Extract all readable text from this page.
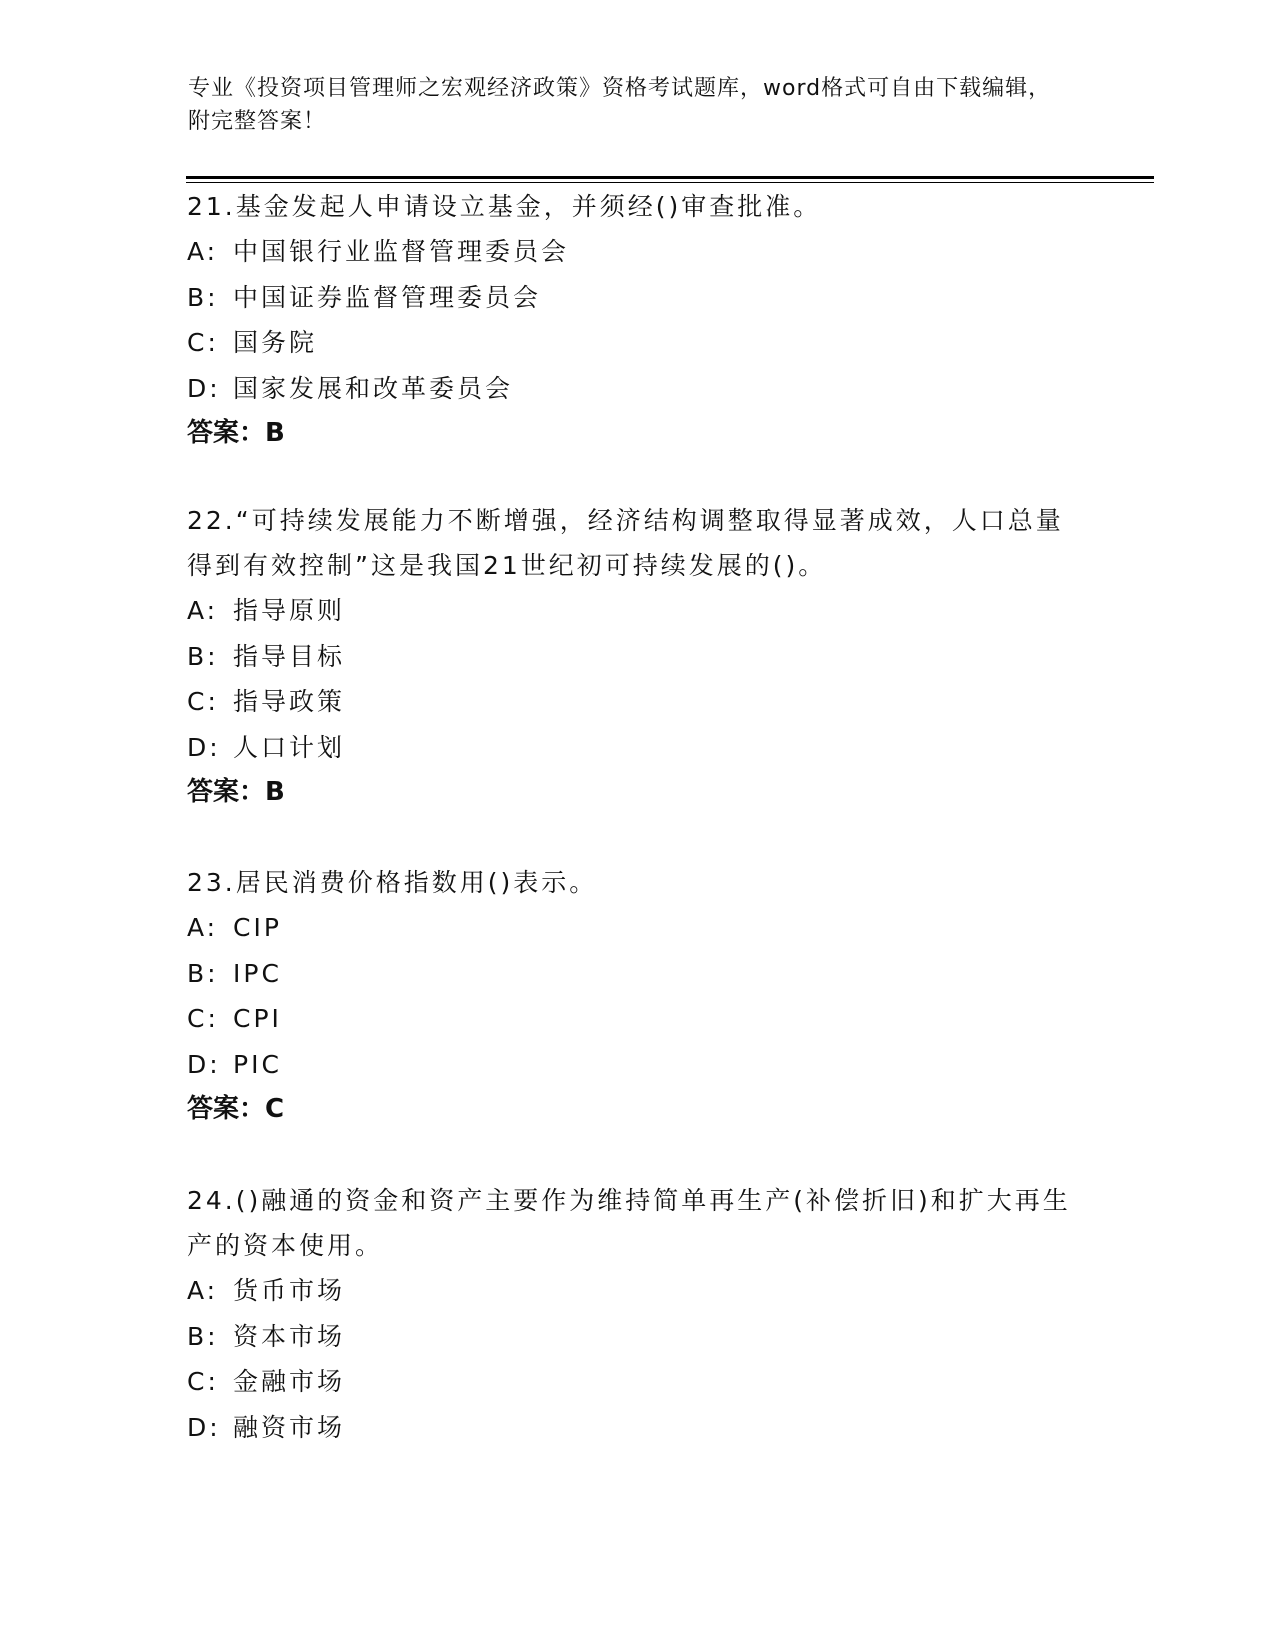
专业《投资项目管理师之宏观经济政策》资格考试题库，word格式可自由下载编辑，附完整答案！

21.基金发起人申请设立基金，并须经()审查批准。

A: 中国银行业监督管理委员会

B: 中国证券监督管理委员会

C: 国务院

D: 国家发展和改革委员会

答案：B

22.“可持续发展能力不断增强，经济结构调整取得显著成效，人口总量得到有效控制”这是我国21世纪初可持续发展的()。

A: 指导原则

B: 指导目标

C: 指导政策

D: 人口计划

答案：B

23.居民消费价格指数用()表示。

A: CIP

B: IPC

C: CPI

D: PIC

答案：C

24.()融通的资金和资产主要作为维持简单再生产(补偿折旧)和扩大再生产的资本使用。

A: 货币市场

B: 资本市场

C: 金融市场

D: 融资市场
